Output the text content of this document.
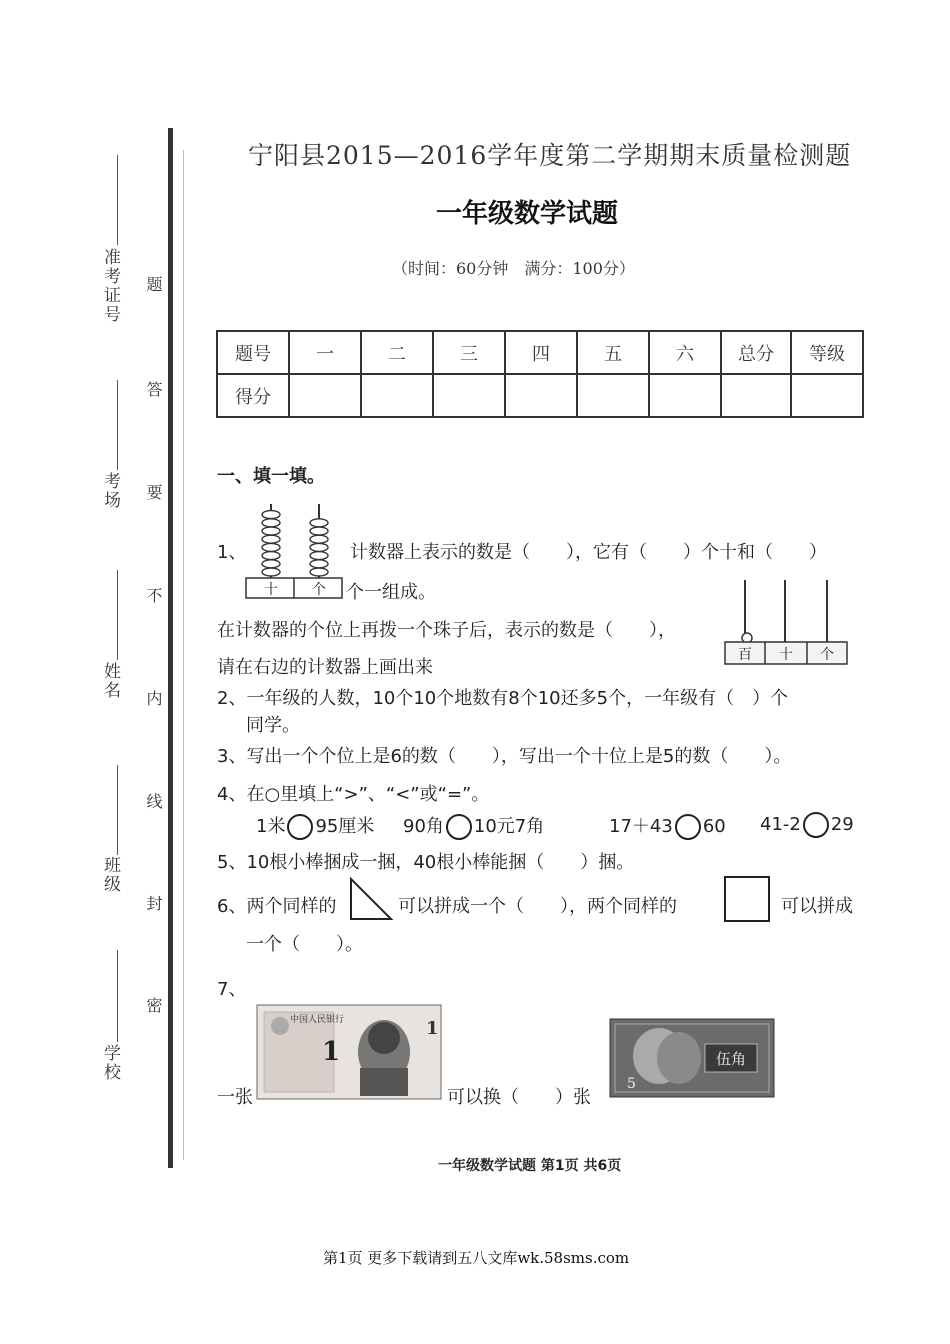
准考证号
考场
姓名
班级
学校
题
答
要
不
内
线
封
密
宁阳县2015—2016学年度第二学期期末质量检测题
一年级数学试题
（时间：60分钟　满分：100分）
题号	一	二	三	四	五	六	总分	等级
得分								
一、填一填。
1、
十 个
计数器上表示的数是（　　），它有（　　）个十和（　　）
个一组成。
在计数器的个位上再拨一个珠子后，表示的数是（　　），
请在右边的计数器上画出来
百 十 个
2、一年级的人数，10个10个地数有8个10还多5个，一年级有（　）个
同学。
3、写出一个个位上是6的数（　　），写出一个十位上是5的数（　　）。
4、在○里填上“>”、“<”或“=”。
1米 95厘米 90角 10元7角	17＋43 60 41-2 29
5、10根小棒捆成一捆，40根小棒能捆（　　）捆。
6、两个同样的	可以拼成一个（　　），两个同样的	可以拼成
一个（　　）。
7、
一张
中国人民银行
1
1
可以换（　　）张
伍角
5
一年级数学试题 第1页 共6页
第1页 更多下载请到五八文库wk.58sms.com
